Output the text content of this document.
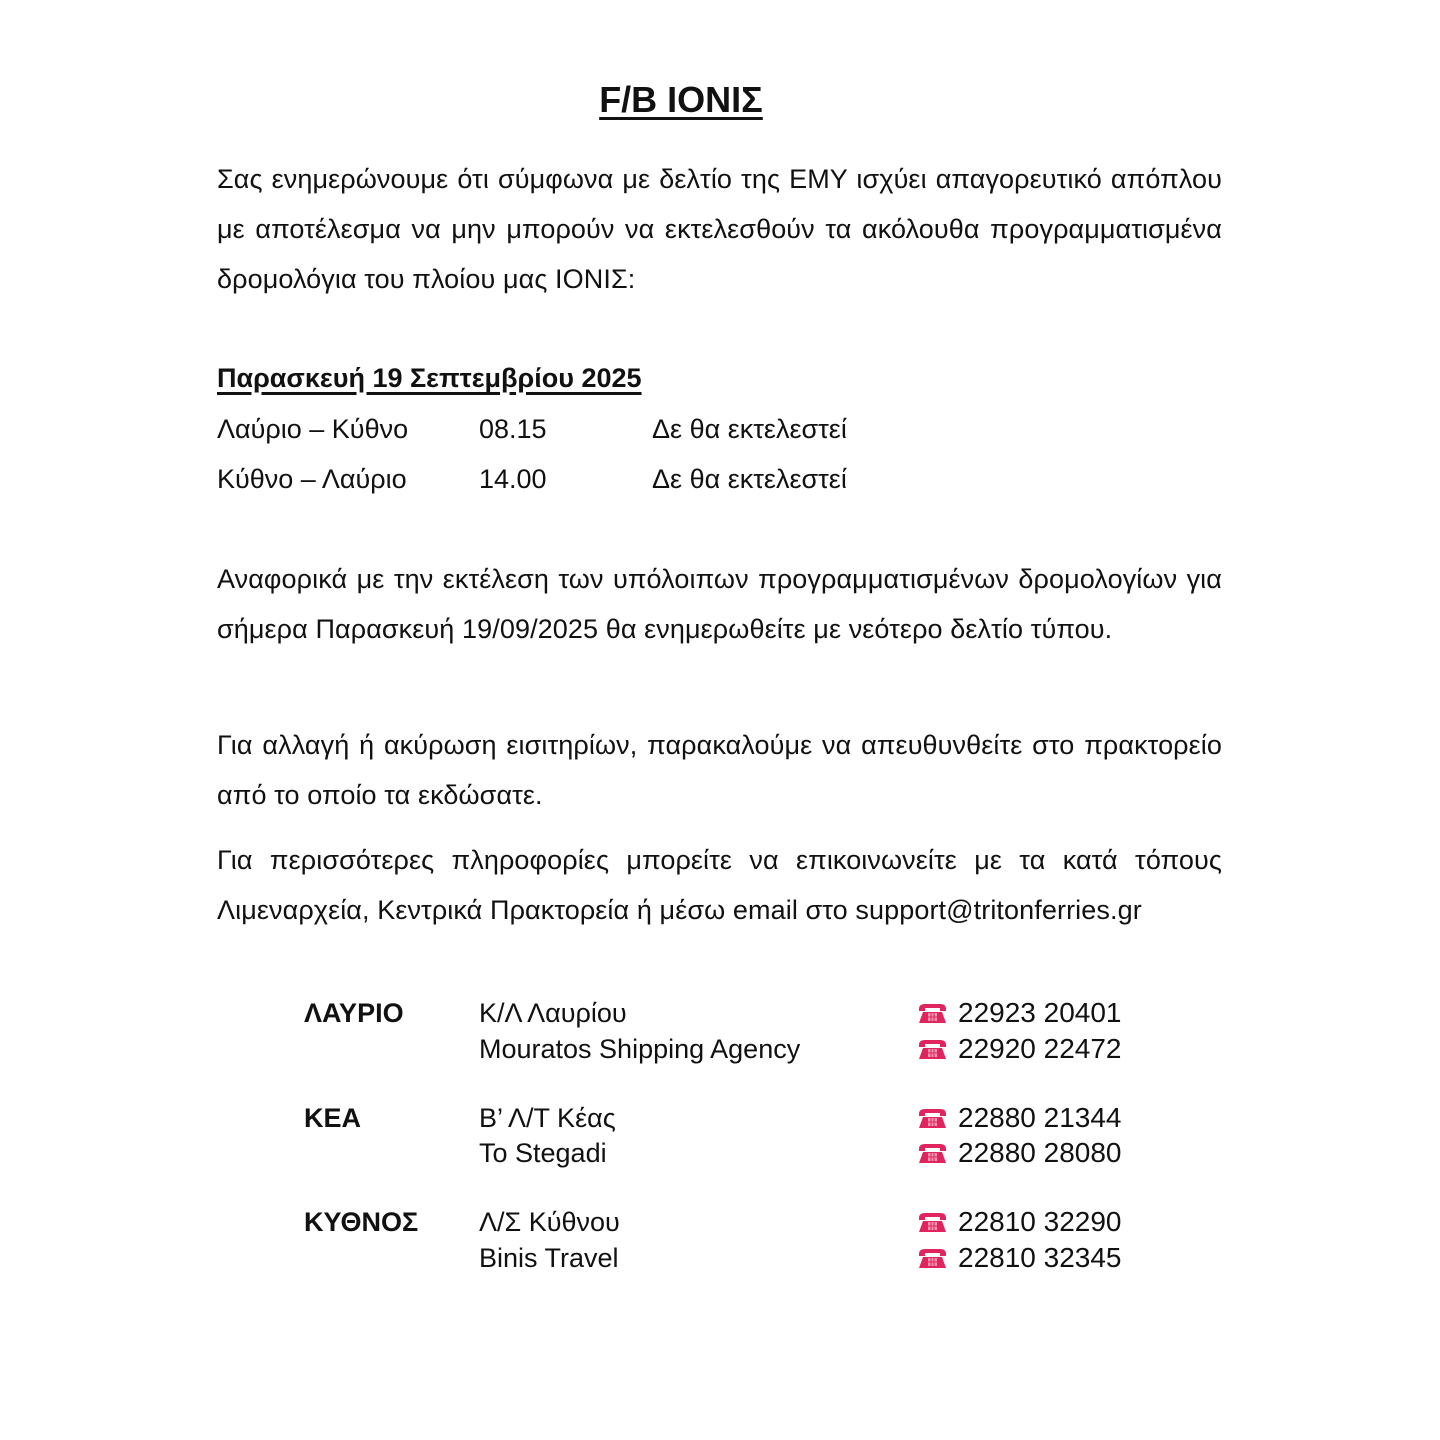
F/B ΙΟΝΙΣ
Σας ενημερώνουμε ότι σύμφωνα με δελτίο της ΕΜΥ ισχύει απαγορευτικό απόπλου με αποτέλεσμα να μην μπορούν να εκτελεσθούν τα ακόλουθα προγραμματισμένα δρομολόγια του πλοίου μας ΙΟΝΙΣ:
Παρασκευή 19 Σεπτεμβρίου 2025
Λαύριο – Κύθνο	08.15	Δε θα εκτελεστεί
Κύθνο – Λαύριο	14.00	Δε θα εκτελεστεί
Αναφορικά με την εκτέλεση των υπόλοιπων προγραμματισμένων δρομολογίων για σήμερα Παρασκευή 19/09/2025 θα ενημερωθείτε με νεότερο δελτίο τύπου.
Για αλλαγή ή ακύρωση εισιτηρίων, παρακαλούμε να απευθυνθείτε στο πρακτορείο από το οποίο τα εκδώσατε.
Για περισσότερες πληροφορίες μπορείτε να επικοινωνείτε με τα κατά τόπους Λιμεναρχεία, Κεντρικά Πρακτορεία ή μέσω email στο support@tritonferries.gr
ΛΑΥΡΙΟ	Κ/Λ Λαυρίου	22923 20401
Mouratos Shipping Agency	22920 22472
ΚΕΑ	Β’ Λ/Τ Κέας	22880 21344
To Stegadi	22880 28080
ΚΥΘΝΟΣ Λ/Σ Κύθνου	22810 32290
Binis Travel	22810 32345
